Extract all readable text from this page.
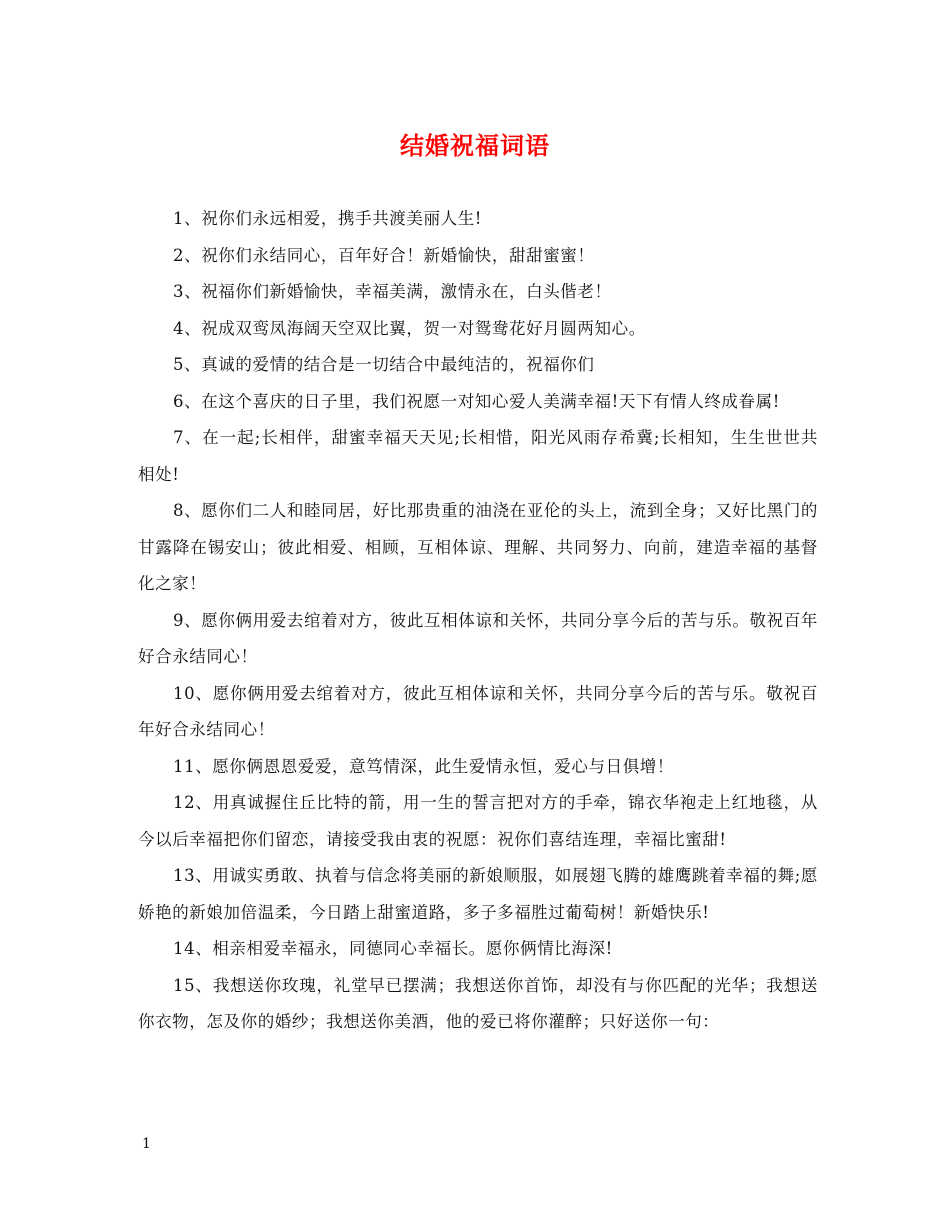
结婚祝福词语

1、祝你们永远相爱，携手共渡美丽人生!

2、祝你们永结同心，百年好合！新婚愉快，甜甜蜜蜜！

3、祝福你们新婚愉快，幸福美满，激情永在，白头偕老！

4、祝成双鸾凤海阔天空双比翼，贺一对鸳鸯花好月圆两知心。

5、真诚的爱情的结合是一切结合中最纯洁的，祝福你们

6、在这个喜庆的日子里，我们祝愿一对知心爱人美满幸福!天下有情人终成眷属!

7、在一起;长相伴，甜蜜幸福天天见;长相惜，阳光风雨存希冀;长相知，生生世世共相处!

8、愿你们二人和睦同居，好比那贵重的油浇在亚伦的头上，流到全身；又好比黑门的甘露降在锡安山；彼此相爱、相顾，互相体谅、理解、共同努力、向前，建造幸福的基督化之家！

9、愿你俩用爱去绾着对方，彼此互相体谅和关怀，共同分享今后的苦与乐。敬祝百年好合永结同心！

10、愿你俩用爱去绾着对方，彼此互相体谅和关怀，共同分享今后的苦与乐。敬祝百年好合永结同心！

11、愿你俩恩恩爱爱，意笃情深，此生爱情永恒，爱心与日俱增！

12、用真诚握住丘比特的箭，用一生的誓言把对方的手牵，锦衣华袍走上红地毯，从今以后幸福把你们留恋，请接受我由衷的祝愿：祝你们喜结连理，幸福比蜜甜!

13、用诚实勇敢、执着与信念将美丽的新娘顺服，如展翅飞腾的雄鹰跳着幸福的舞;愿娇艳的新娘加倍温柔，今日踏上甜蜜道路，多子多福胜过葡萄树！新婚快乐!

14、相亲相爱幸福永，同德同心幸福长。愿你俩情比海深!

15、我想送你玫瑰，礼堂早已摆满；我想送你首饰，却没有与你匹配的光华；我想送你衣物，怎及你的婚纱；我想送你美酒，他的爱已将你灌醉；只好送你一句：

1
